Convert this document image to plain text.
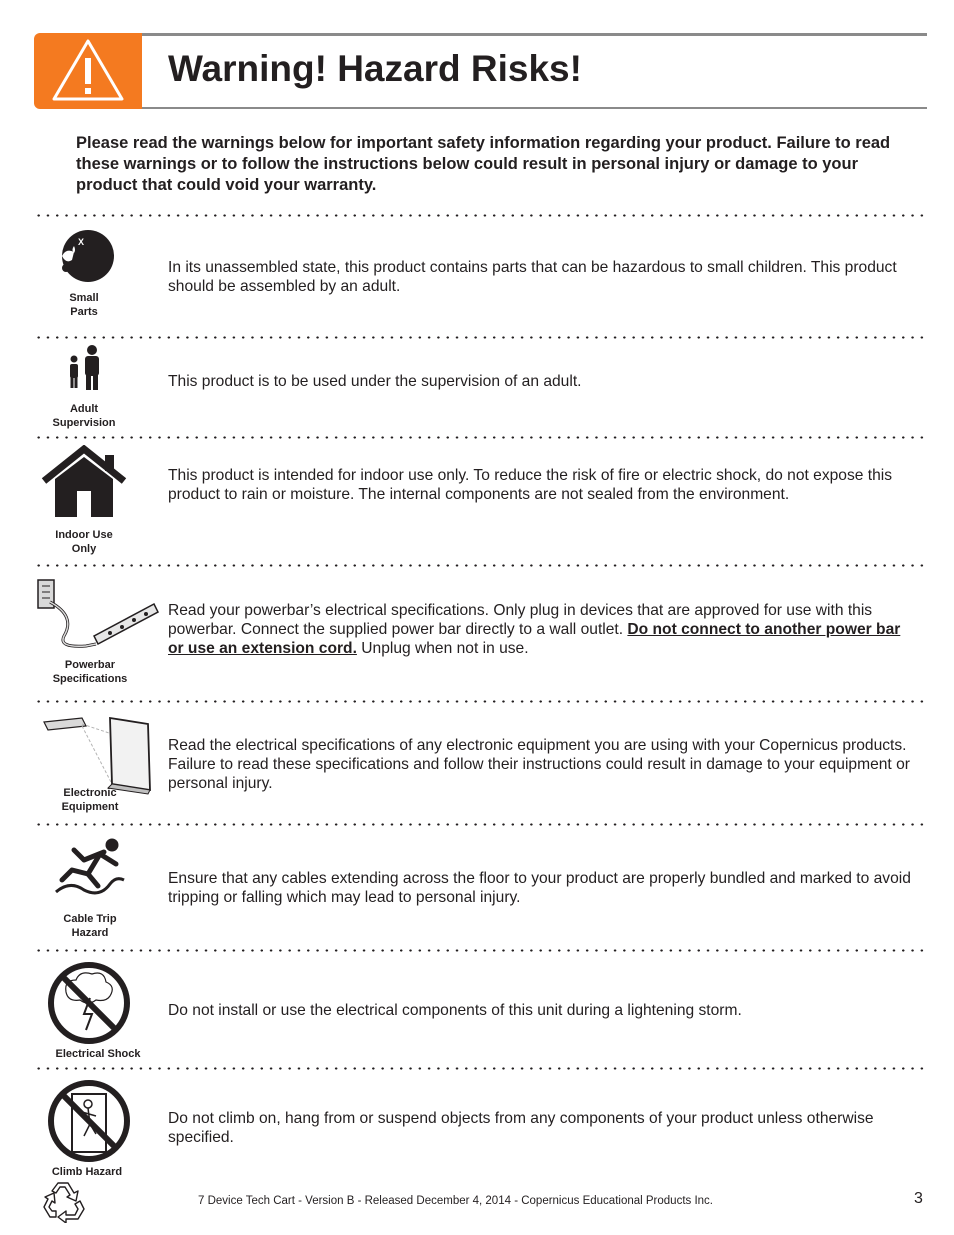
Warning! Hazard Risks!
Please read the warnings below for important safety information regarding your product. Failure to read these warnings or to follow the instructions below could result in personal injury or damage to your product that could void your warranty.
X
Small
Parts
In its unassembled state, this product contains parts that can be hazardous to small children. This product should be assembled by an adult.
Adult
Supervision
This product is to be used under the supervision of an adult.
Indoor Use
Only
This product is intended for indoor use only. To reduce the risk of fire or electric shock, do not expose this product to rain or moisture. The internal components are not sealed from the environment.
Powerbar
Specifications
Read your powerbar’s electrical specifications. Only plug in devices that are approved for use with this powerbar. Connect the supplied power bar directly to a wall outlet. Do not connect to another power bar or use an extension cord. Unplug when not in use.
Electronic
Equipment
Read the electrical specifications of any electronic equipment you are using with your Copernicus products. Failure to read these specifications and follow their instructions could result in damage to your equipment or personal injury.
Cable Trip
Hazard
Ensure that any cables extending across the floor to your product are properly bundled and marked to avoid tripping or falling which may lead to personal injury.
Electrical Shock
Do not install or use the electrical components of this unit during a lightening storm.
Climb Hazard
Do not climb on, hang from or suspend objects from any components of your product unless otherwise specified.
7 Device Tech Cart - Version B - Released December 4, 2014 - Copernicus Educational Products Inc.	3
